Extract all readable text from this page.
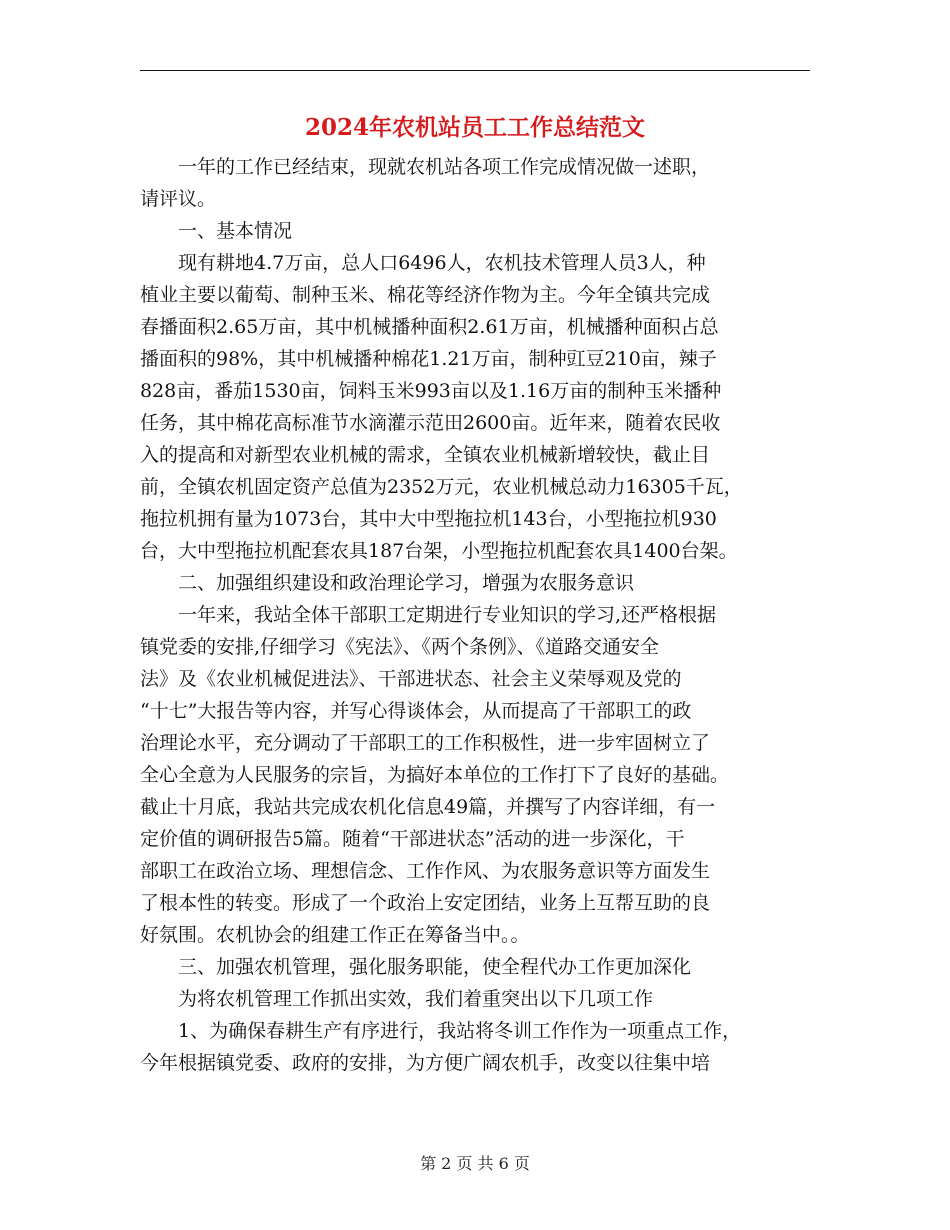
2024年农机站员工工作总结范文

　　一年的工作已经结束，现就农机站各项工作完成情况做一述职，

请评议。

　　一、基本情况

　　现有耕地4.7万亩，总人口6496人，农机技术管理人员3人，种

植业主要以葡萄、制种玉米、棉花等经济作物为主。今年全镇共完成

春播面积2.65万亩，其中机械播种面积2.61万亩，机械播种面积占总

播面积的98%，其中机械播种棉花1.21万亩，制种豇豆210亩，辣子

828亩，番茄1530亩，饲料玉米993亩以及1.16万亩的制种玉米播种

任务，其中棉花高标准节水滴灌示范田2600亩。近年来，随着农民收

入的提高和对新型农业机械的需求，全镇农业机械新增较快，截止目

前，全镇农机固定资产总值为2352万元，农业机械总动力16305千瓦，

拖拉机拥有量为1073台，其中大中型拖拉机143台，小型拖拉机930

台，大中型拖拉机配套农具187台架，小型拖拉机配套农具1400台架。

　　二、加强组织建设和政治理论学习，增强为农服务意识

　　一年来，我站全体干部职工定期进行专业知识的学习,还严格根据

镇党委的安排,仔细学习《宪法》、《两个条例》、《道路交通安全

法》及《农业机械促进法》、干部进状态、社会主义荣辱观及党的

“十七”大报告等内容，并写心得谈体会，从而提高了干部职工的政

治理论水平，充分调动了干部职工的工作积极性，进一步牢固树立了

全心全意为人民服务的宗旨，为搞好本单位的工作打下了良好的基础。

截止十月底，我站共完成农机化信息49篇，并撰写了内容详细，有一

定价值的调研报告5篇。随着“干部进状态”活动的进一步深化，干

部职工在政治立场、理想信念、工作作风、为农服务意识等方面发生

了根本性的转变。形成了一个政治上安定团结，业务上互帮互助的良

好氛围。农机协会的组建工作正在筹备当中。。

　　三、加强农机管理，强化服务职能，使全程代办工作更加深化

　　为将农机管理工作抓出实效，我们着重突出以下几项工作

　　1、为确保春耕生产有序进行，我站将冬训工作作为一项重点工作，

今年根据镇党委、政府的安排，为方便广阔农机手，改变以往集中培

第 2 页 共 6 页
